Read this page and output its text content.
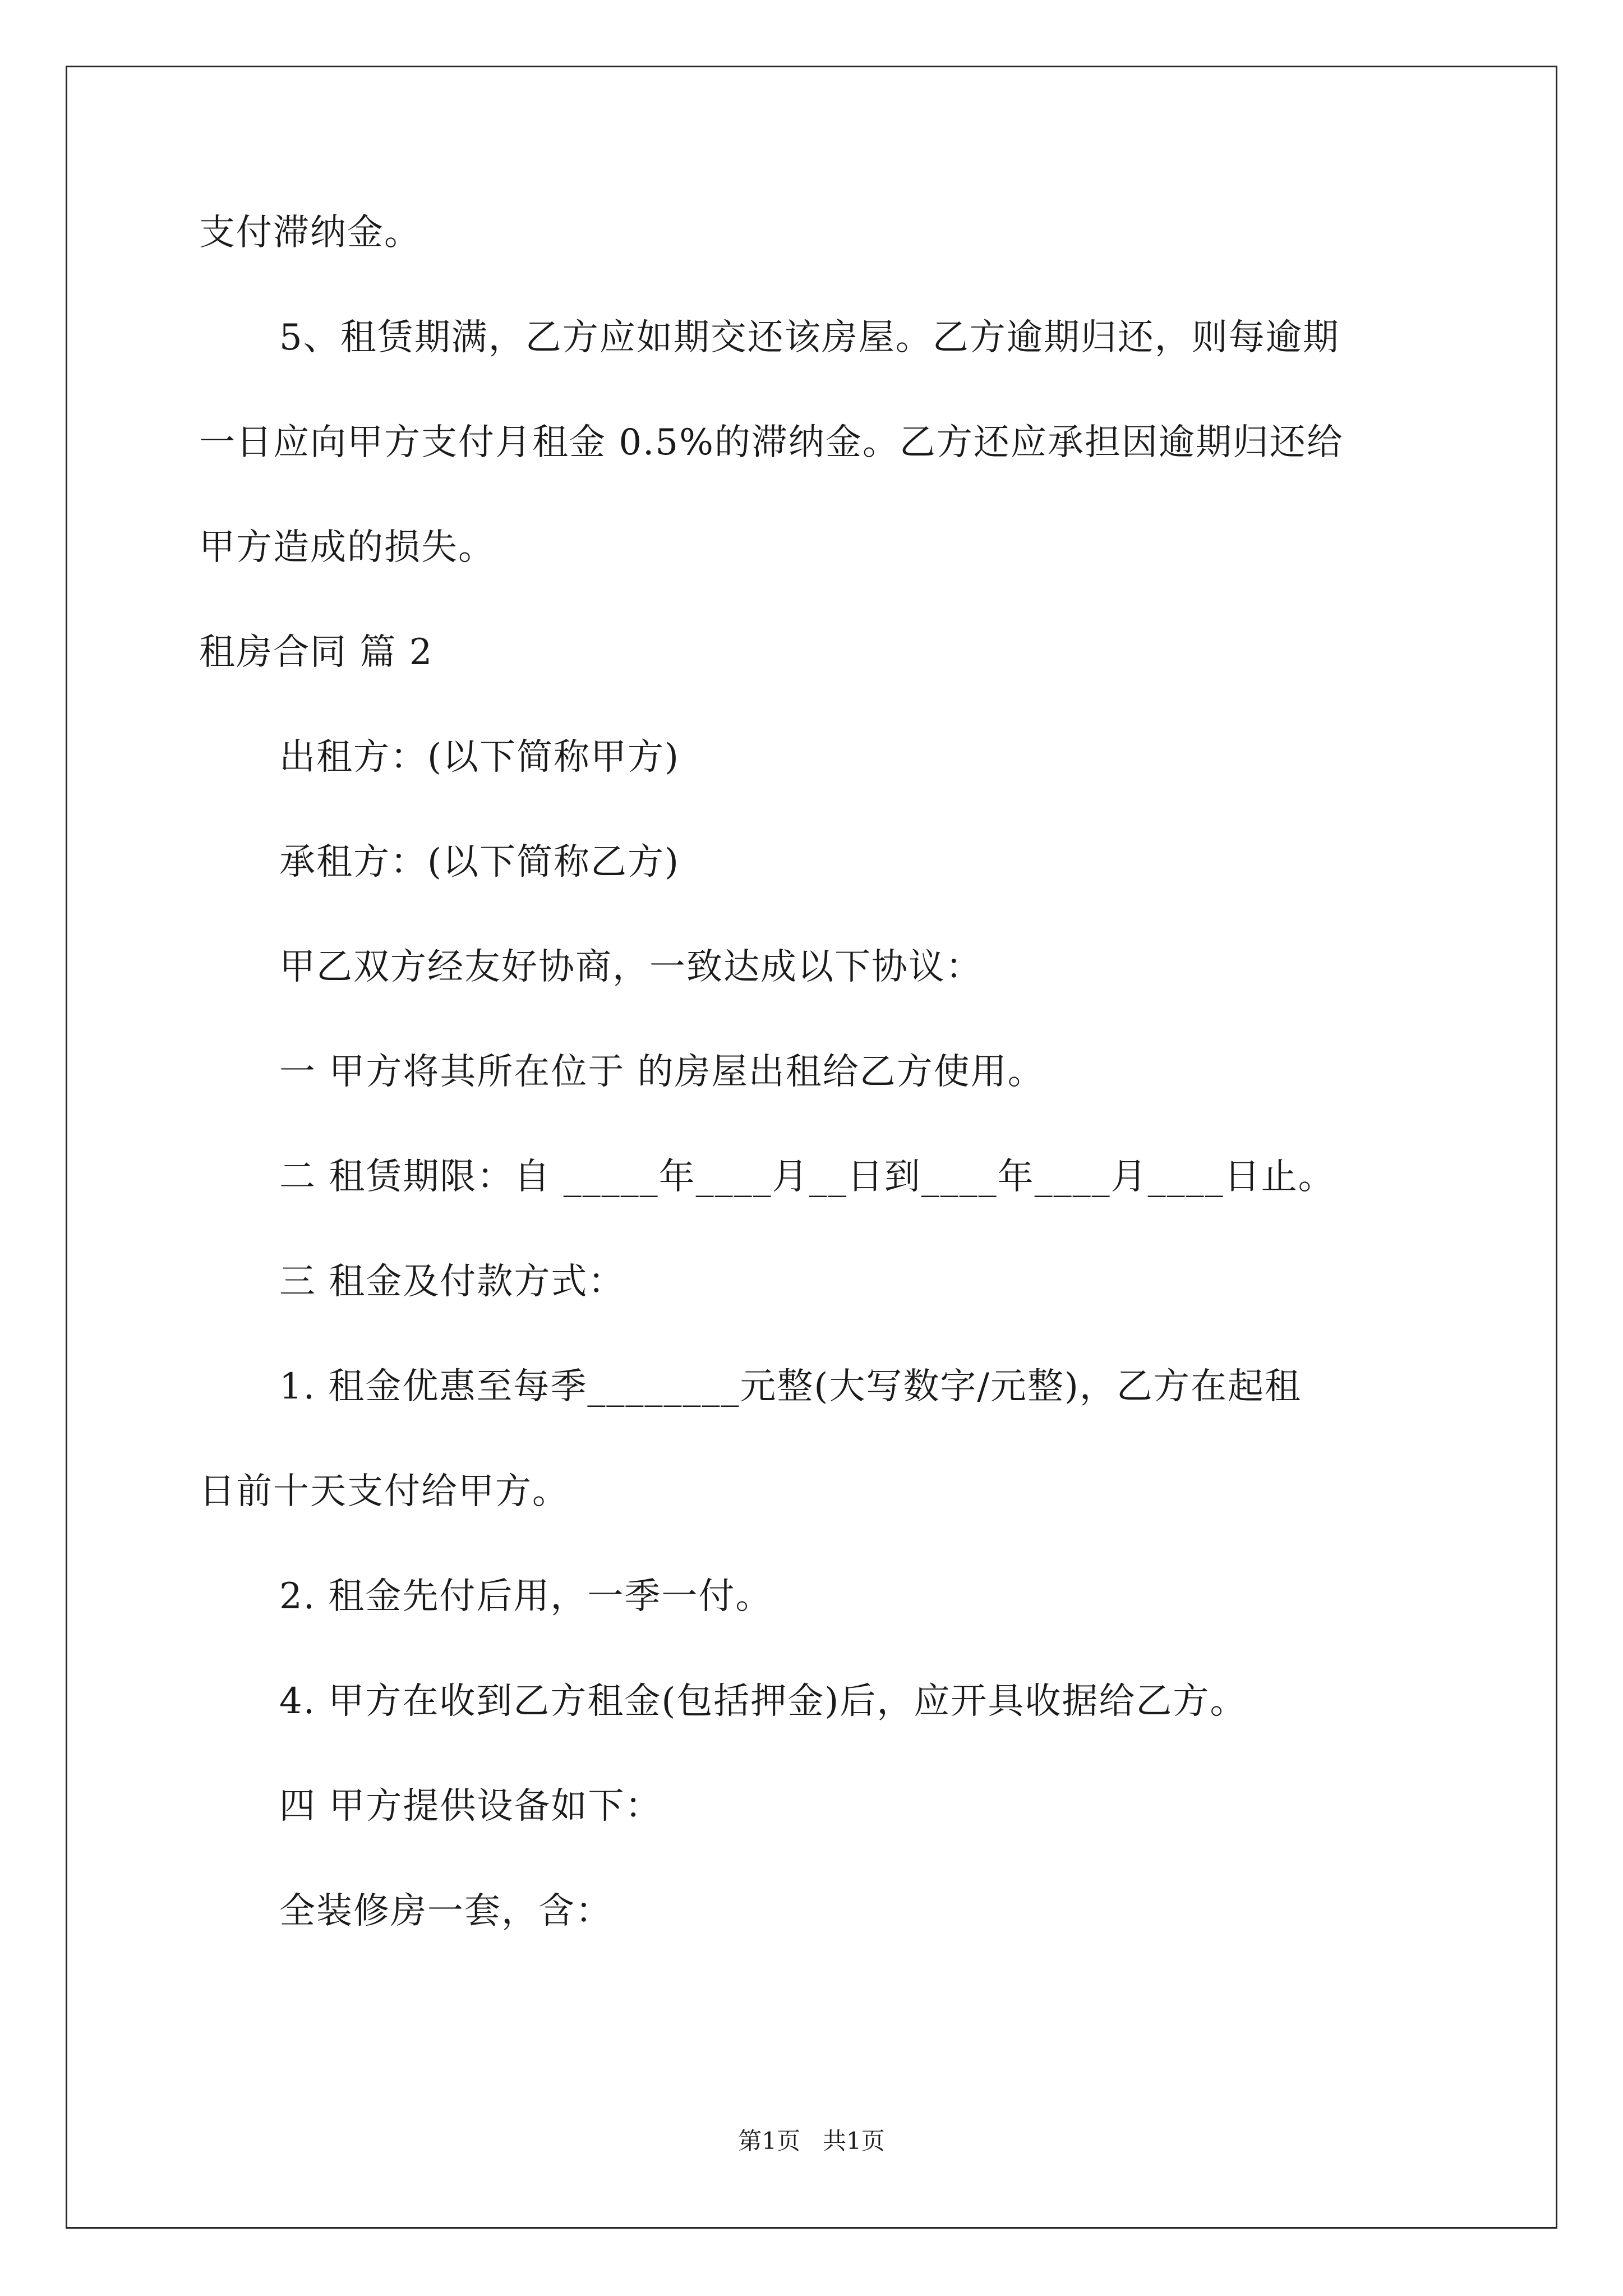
支付滞纳金。
5、租赁期满，乙方应如期交还该房屋。乙方逾期归还，则每逾期
一日应向甲方支付月租金 0.5%的滞纳金。乙方还应承担因逾期归还给
甲方造成的损失。
租房合同 篇 2
出租方：(以下简称甲方)
承租方：(以下简称乙方)
甲乙双方经友好协商，一致达成以下协议：
一 甲方将其所在位于 的房屋出租给乙方使用。
二 租赁期限：自 _____年____月__日到____年____月____日止。
三 租金及付款方式：
1. 租金优惠至每季________元整(大写数字/元整)，乙方在起租
日前十天支付给甲方。
2. 租金先付后用，一季一付。
4. 甲方在收到乙方租金(包括押金)后，应开具收据给乙方。
四 甲方提供设备如下：
全装修房一套，含：
第1页   共1页
